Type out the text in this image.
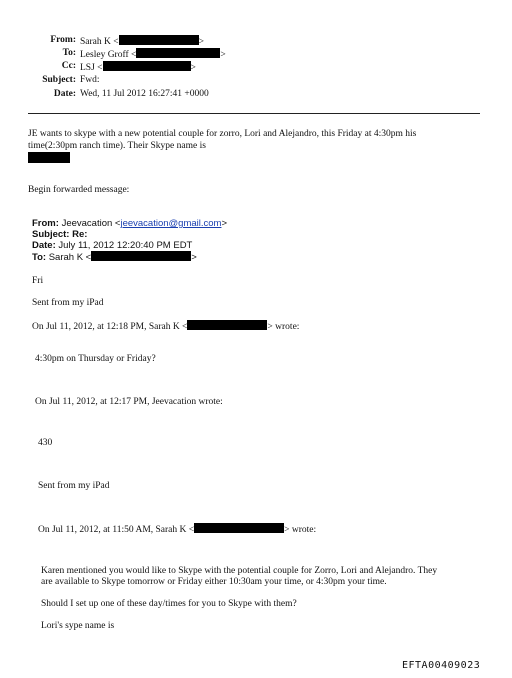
From: Sarah K <	>
To: Lesley Groff <	>
Cc: LSJ <	>
Subject: Fwd:
Date: Wed, 11 Jul 2012 16:27:41 +0000
JE wants to skype with a new potential couple for zorro, Lori and Alejandro, this Friday at 4:30pm his
time(2:30pm ranch time). Their Skype name is
Begin forwarded message:
From: Jeevacation <jeevacation@gmail.com>
Subject: Re:
Date: July 11, 2012 12:20:40 PM EDT
To: Sarah K <	>
Fri
Sent from my iPad
On Jul 11, 2012, at 12:18 PM, Sarah K <	> wrote:
4:30pm on Thursday or Friday?
On Jul 11, 2012, at 12:17 PM, Jeevacation wrote:
430
Sent from my iPad
On Jul 11, 2012, at 11:50 AM, Sarah K <	> wrote:
Karen mentioned you would like to Skype with the potential couple for Zorro, Lori and Alejandro. They
are available to Skype tomorrow or Friday either 10:30am your time, or 4:30pm your time.
Should I set up one of these day/times for you to Skype with them?
Lori's sype name is
EFTA00409023
